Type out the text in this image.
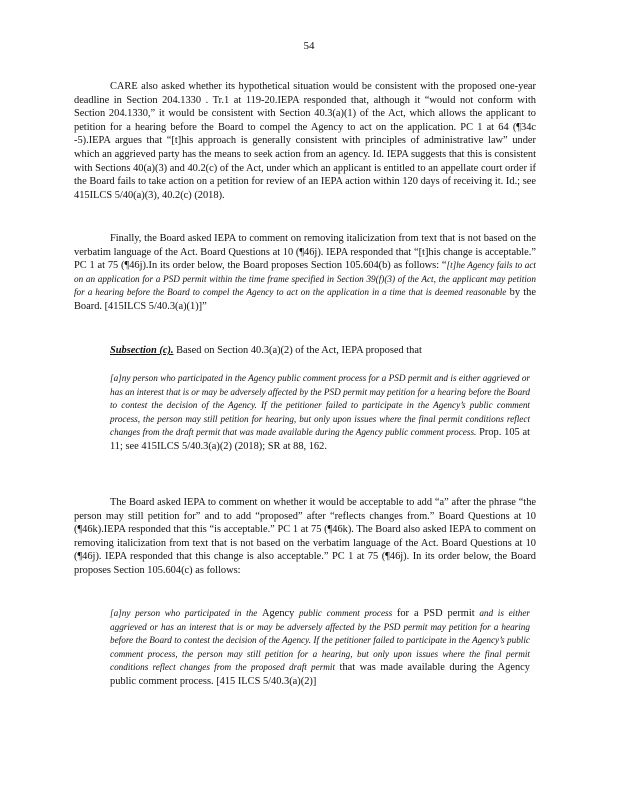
54

CARE also asked whether its hypothetical situation would be consistent with the proposed one-year deadline in Section 204.1330 . Tr.1 at 119-20.IEPA responded that, although it “would not conform with Section 204.1330,” it would be consistent with Section 40.3(a)(1) of the Act, which allows the applicant to petition for a hearing before the Board to compel the Agency to act on the application. PC 1 at 64 (¶34c -5).IEPA argues that “[t]his approach is generally consistent with principles of administrative law” under which an aggrieved party has the means to seek action from an agency. Id. IEPA suggests that this is consistent with Sections 40(a)(3) and 40.2(c) of the Act, under which an applicant is entitled to an appellate court order if the Board fails to take action on a petition for review of an IEPA action within 120 days of receiving it. Id.; see 415ILCS 5/40(a)(3), 40.2(c) (2018).

Finally, the Board asked IEPA to comment on removing italicization from text that is not based on the verbatim language of the Act. Board Questions at 10 (¶46j). IEPA responded that “[t]his change is acceptable.” PC 1 at 75 (¶46j).In its order below, the Board proposes Section 105.604(b) as follows: “[t]he Agency fails to act on an application for a PSD permit within the time frame specified in Section 39(f)(3) of the Act, the applicant may petition for a hearing before the Board to compel the Agency to act on the application in a time that is deemed reasonable by the Board. [415ILCS 5/40.3(a)(1)]”

Subsection (c). Based on Section 40.3(a)(2) of the Act, IEPA proposed that

[a]ny person who participated in the Agency public comment process for a PSD permit and is either aggrieved or has an interest that is or may be adversely affected by the PSD permit may petition for a hearing before the Board to contest the decision of the Agency. If the petitioner failed to participate in the Agency’s public comment process, the person may still petition for hearing, but only upon issues where the final permit conditions reflect changes from the draft permit that was made available during the Agency public comment process. Prop. 105 at 11; see 415ILCS 5/40.3(a)(2) (2018); SR at 88, 162.

The Board asked IEPA to comment on whether it would be acceptable to add “a” after the phrase “the person may still petition for” and to add “proposed” after “reflects changes from.” Board Questions at 10 (¶46k).IEPA responded that this “is acceptable.” PC 1 at 75 (¶46k). The Board also asked IEPA to comment on removing italicization from text that is not based on the verbatim language of the Act. Board Questions at 10 (¶46j). IEPA responded that this change is also acceptable.” PC 1 at 75 (¶46j). In its order below, the Board proposes Section 105.604(c) as follows:

[a]ny person who participated in the Agency public comment process for a PSD permit and is either aggrieved or has an interest that is or may be adversely affected by the PSD permit may petition for a hearing before the Board to contest the decision of the Agency. If the petitioner failed to participate in the Agency’s public comment process, the person may still petition for a hearing, but only upon issues where the final permit conditions reflect changes from the proposed draft permit that was made available during the Agency public comment process. [415 ILCS 5/40.3(a)(2)]
